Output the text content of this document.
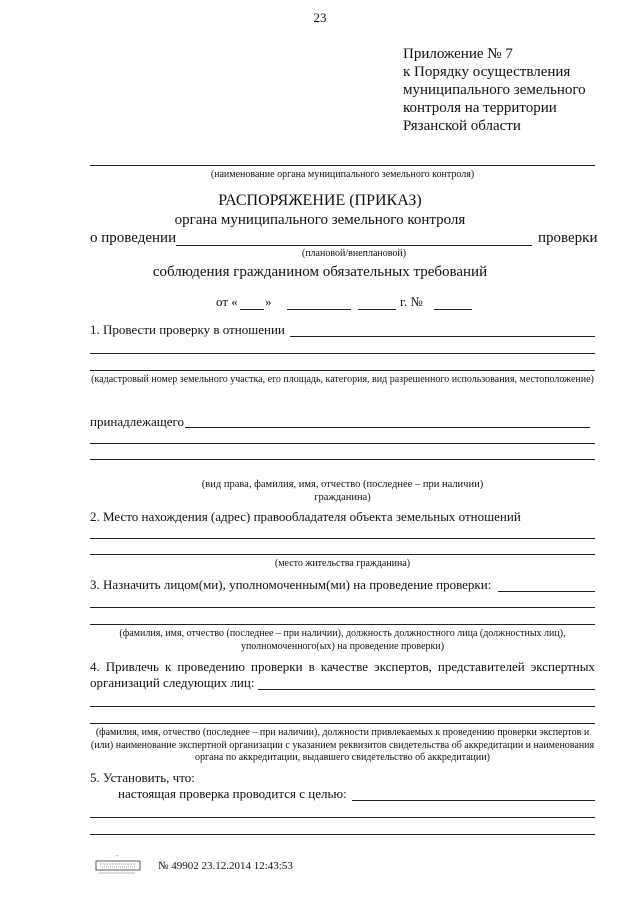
23
Приложение № 7
к Порядку осуществления
муниципального земельного
контроля на территории
Рязанской области
(наименование органа муниципального земельного контроля)
РАСПОРЯЖЕНИЕ (ПРИКАЗ)
органа муниципального земельного контроля
о проведении	проверки
(плановой/внеплановой)
соблюдения гражданином обязательных требований
от « »	г. №
1. Провести проверку в отношении
(кадастровый номер земельного участка, его площадь, категория, вид разрешенного использования, местоположение)
принадлежащего
(вид права, фамилия, имя, отчество (последнее – при наличии) гражданина)
2. Место нахождения (адрес) правообладателя объекта земельных отношений
(место жительства гражданина)
3. Назначить лицом(ми), уполномоченным(ми) на проведение проверки:
(фамилия, имя, отчество (последнее – при наличии), должность должностного лица (должностных лиц), уполномоченного(ых) на проведение проверки)
4. Привлечь к проведению проверки в качестве экспертов, представителей экспертных
организаций следующих лиц:
(фамилия, имя, отчество (последнее – при наличии), должности привлекаемых к проведению проверки экспертов и (или) наименование экспертной организации с указанием реквизитов свидетельства об аккредитации и наименования органа по аккредитации, выдавшего свидетельство об аккредитации)
5. Установить, что:
настоящая проверка проводится с целью:
⌒
№ 49902 23.12.2014 12:43:53
